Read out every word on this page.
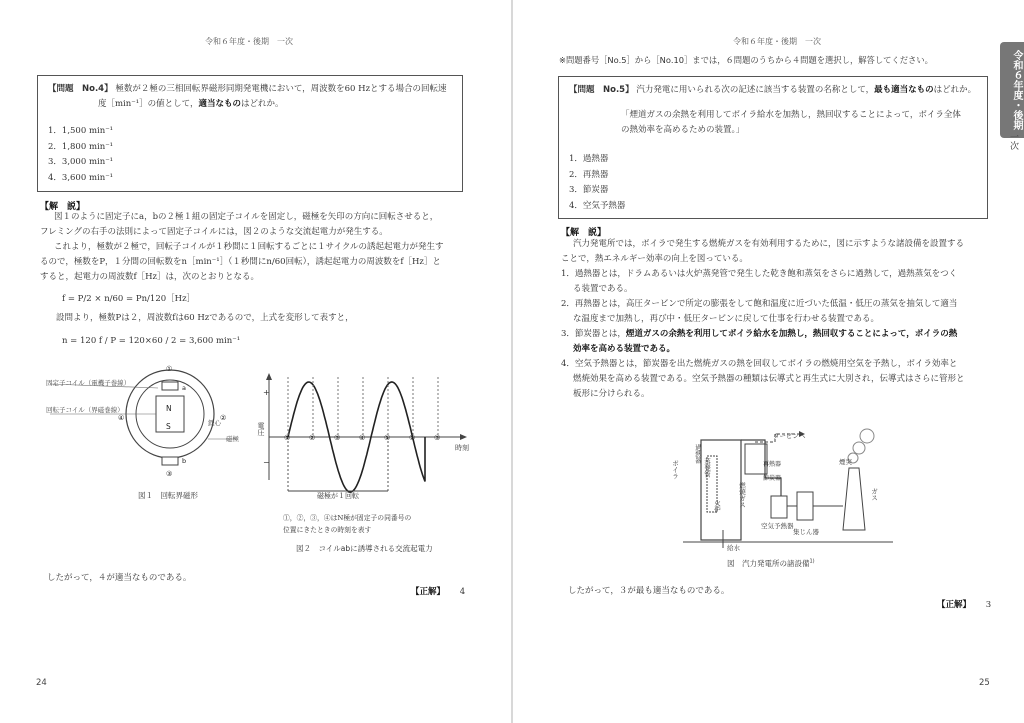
令和６年度・後期　一次
【問題　No.4】 極数が２極の三相回転界磁形同期発電機において，周波数を60 Hzとする場合の回転速
度［min⁻¹］の値として，適当なものはどれか。
1．1,500 min⁻¹
2．1,800 min⁻¹
3．3,000 min⁻¹
4．3,600 min⁻¹
【解　説】
図１のように固定子にa，bの２極１組の固定子コイルを固定し，磁極を矢印の方向に回転させると，
フレミングの右手の法則によって固定子コイルには，図２のような交流起電力が発生する。
これより，極数が２極で，回転子コイルが１秒間に１回転するごとに１サイクルの誘起起電力が発生す
るので，極数をP，１分間の回転数をn［min⁻¹］（１秒間にn/60回転），誘起起電力の周波数をf［Hz］と
すると，起電力の周波数f［Hz］は，次のとおりとなる。
f = P/2 × n/60 = Pn/120［Hz］
設問より，極数Pは２，周波数fは60 Hzであるので，上式を変形して表すと，
n = 120 f / P = 120×60 / 2 = 3,600 min⁻¹
固定子コイル（電機子巻線）
回転子コイル（界磁巻線）
鉄心
磁極
N
S
a
b
①
②
③
④
図１　回転界磁形
+
−
時刻
磁極が１回転
①	②	③	④	①	②	③
電圧
①，②，③，④はN極が固定子の同番号の
位置にきたときの時刻を表す
図２　コイルabに誘導される交流起電力
したがって，４が適当なものである。
【正解】 4
24
令和６年度・後期　一次
※問題番号［No.5］から［No.10］までは，６問題のうちから４問題を選択し，解答してください。
【問題　No.5】 汽力発電に用いられる次の記述に該当する装置の名称として，最も適当なものはどれか。
「煙道ガスの余熱を利用してボイラ給水を加熱し，熱回収することによって，ボイラ全体
の熱効率を高めるための装置。」
1．過熱器
2．再熱器
3．節炭器
4．空気予熱器
【解　説】
汽力発電所では，ボイラで発生する燃焼ガスを有効利用するために，図に示すような諸設備を設置する
ことで，熱エネルギー効率の向上を図っている。
1．過熱器とは，ドラムあるいは火炉蒸発管で発生した乾き飽和蒸気をさらに過熱して，過熱蒸気をつく
る装置である。
2．再熱器とは，高圧タービンで所定の膨張をして飽和温度に近づいた低温・低圧の蒸気を抽気して適当
な温度まで加熱し，再び中・低圧タービンに戻して仕事を行わせる装置である。
3．節炭器とは，煙道ガスの余熱を利用してボイラ給水を加熱し，熱回収することによって，ボイラの熱
効率を高める装置である。
4．空気予熱器とは，節炭器を出た燃焼ガスの熱を回収してボイラの燃焼用空気を予熱し，ボイラ効率と
燃焼効果を高める装置である。空気予熱器の種類は伝導式と再生式に大別され，伝導式はさらに管形と
板形に分けられる。
タービンへ
再熱器
節炭器
空気予熱器
集じん器
煙突
給水
ボイラ
過熱器
蒸発管
燃焼ガス
火炉
ガス
図　汽力発電所の諸設備$^{1)}$
したがって，３が最も適当なものである。
【正解】 3
令和６年度・後期
一次
25
